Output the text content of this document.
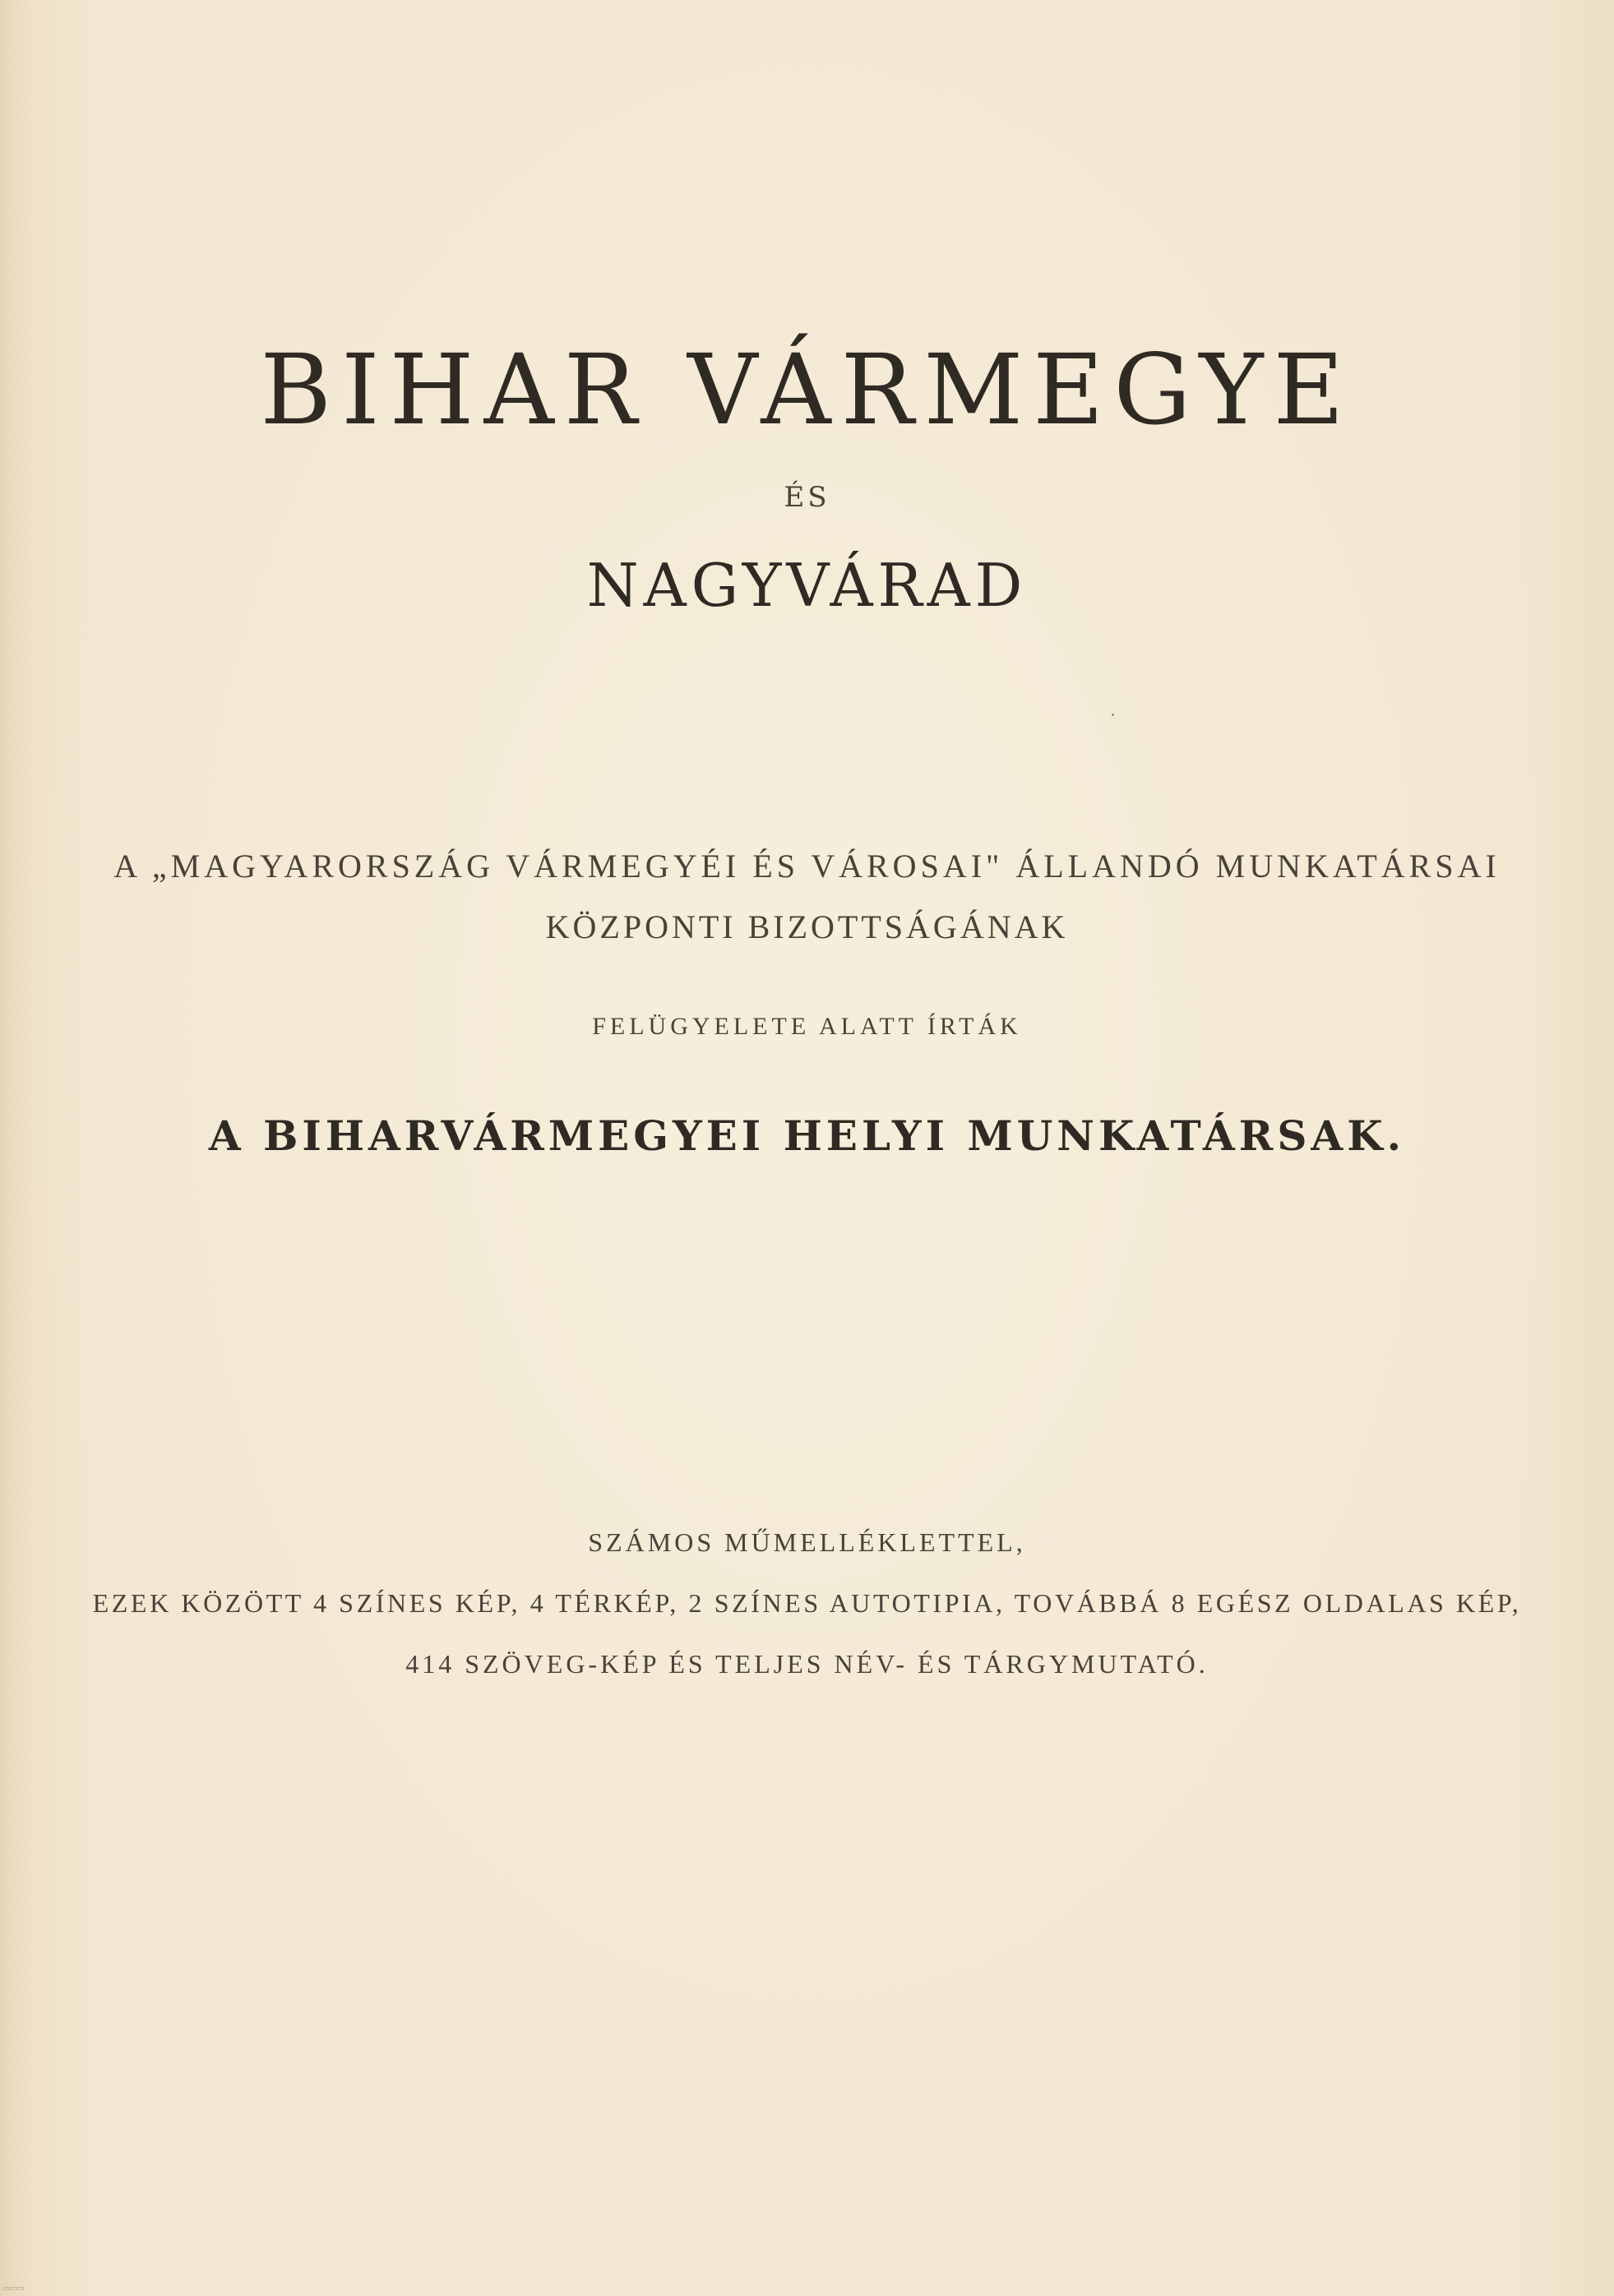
BIHAR VÁRMEGYE
ÉS
NAGYVÁRAD
A „MAGYARORSZÁG VÁRMEGYÉI ÉS VÁROSAI" ÁLLANDÓ MUNKATÁRSAI
KÖZPONTI BIZOTTSÁGÁNAK
FELÜGYELETE ALATT ÍRTÁK
A BIHARVÁRMEGYEI HELYI MUNKATÁRSAK.
SZÁMOS MŰMELLÉKLETTEL,
EZEK KÖZÖTT 4 SZÍNES KÉP, 4 TÉRKÉP, 2 SZÍNES AUTOTIPIA, TOVÁBBÁ 8 EGÉSZ OLDALAS KÉP,
414 SZÖVEG-KÉP ÉS TELJES NÉV- ÉS TÁRGYMUTATÓ.
▭▭▭
